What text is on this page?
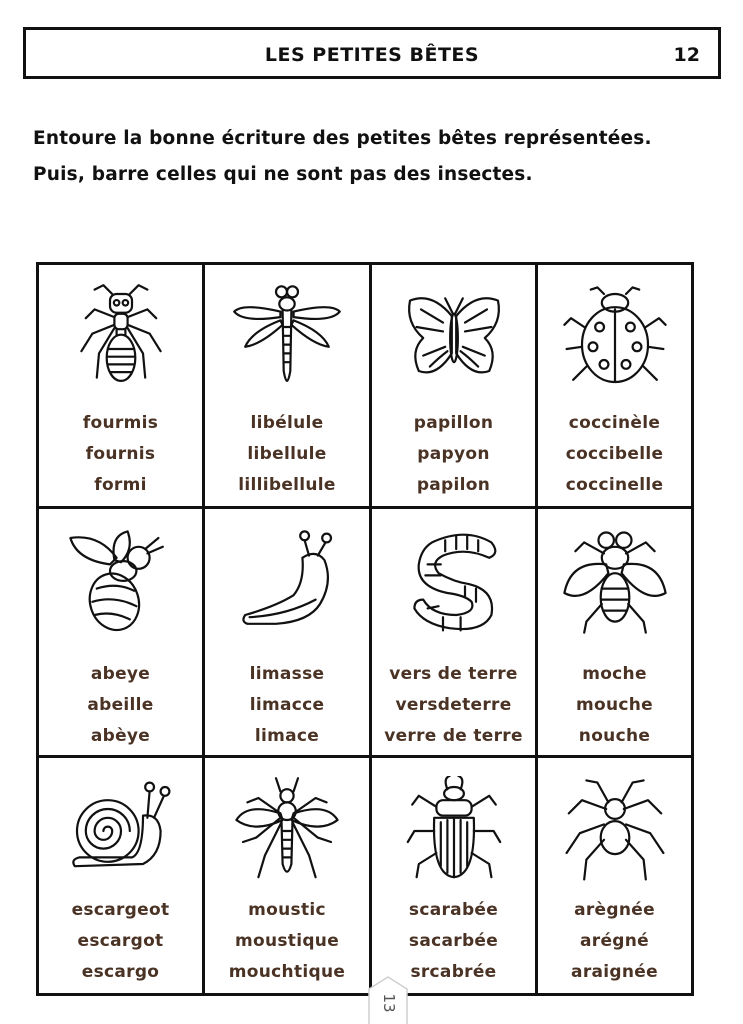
LES PETITES BÊTES	12
Entoure la bonne écriture des petites bêtes représentées.
Puis, barre celles qui ne sont pas des insectes.
fourmis
fournis
formi
libélule
libellule
lillibellule
papillon
papyon
papilon
coccinèle
coccibelle
coccinelle
abeye
abeille
abèye
limasse
limacce
limace
vers de terre
versdeterre
verre de terre
moche
mouche
nouche
escargeot
escargot
escargo
moustic
moustique
mouchtique
scarabée
sacarbée
srcabrée
arègnée
arégné
araignée
13
